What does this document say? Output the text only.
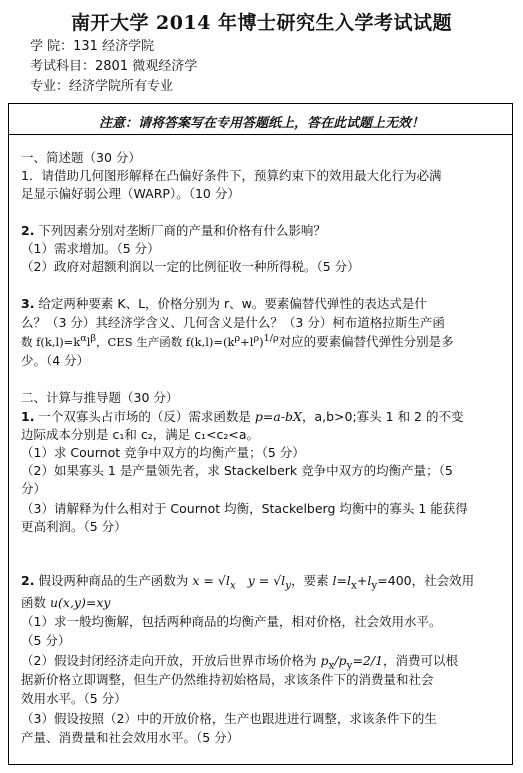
南开大学 2014 年博士研究生入学考试试题
学 院：131 经济学院
考试科目：2801 微观经济学
专业：经济学院所有专业
注意：请将答案写在专用答题纸上，答在此试题上无效！
一、简述题（30 分）
1．请借助几何图形解释在凸偏好条件下，预算约束下的效用最大化行为必满
足显示偏好弱公理（WARP）。（10 分）
2. 下列因素分别对垄断厂商的产量和价格有什么影响？
（1）需求增加。（5 分）
（2）政府对超额利润以一定的比例征收一种所得税。（5 分）
3. 给定两种要素 K、L，价格分别为 r、w。要素偏替代弹性的表达式是什
么？（3 分）其经济学含义、几何含义是什么？（3 分）柯布道格拉斯生产函
数 $f(k,l)=k^\alpha l^\beta$，CES 生产函数 $f(k,l)=(k^\rho+l^\rho)^{1/\rho}$对应的要素偏替代弹性分别是多
少。（4 分）
二、计算与推导题（30 分）
1. 一个双寡头占市场的（反）需求函数是 p=a-bX，a,b>0;寡头 1 和 2 的不变
边际成本分别是 c₁和 c₂，满足 c₁<c₂<a。
（1）求 Cournot 竞争中双方的均衡产量；（5 分）
（2）如果寡头 1 是产量领先者，求 Stackelberk 竞争中双方的均衡产量；（5
分）
（3）请解释为什么相对于 Cournot 均衡，Stackelberg 均衡中的寡头 1 能获得
更高利润。（5 分）
2. 假设两种商品的生产函数为 $x = √l_x$ $y = √l_y$，要素 $l=l_x+l_y=400$，社会效用
函数 u(x,y)=xy
（1）求一般均衡解，包括两种商品的均衡产量，相对价格，社会效用水平。
（5 分）
（2）假设封闭经济走向开放，开放后世界市场价格为 $p_x/p_y=2/1$，消费可以根
据新价格立即调整，但生产仍然维持初始格局，求该条件下的消费量和社会
效用水平。（5 分）
（3）假设按照（2）中的开放价格，生产也跟进进行调整，求该条件下的生
产量、消费量和社会效用水平。（5 分）
